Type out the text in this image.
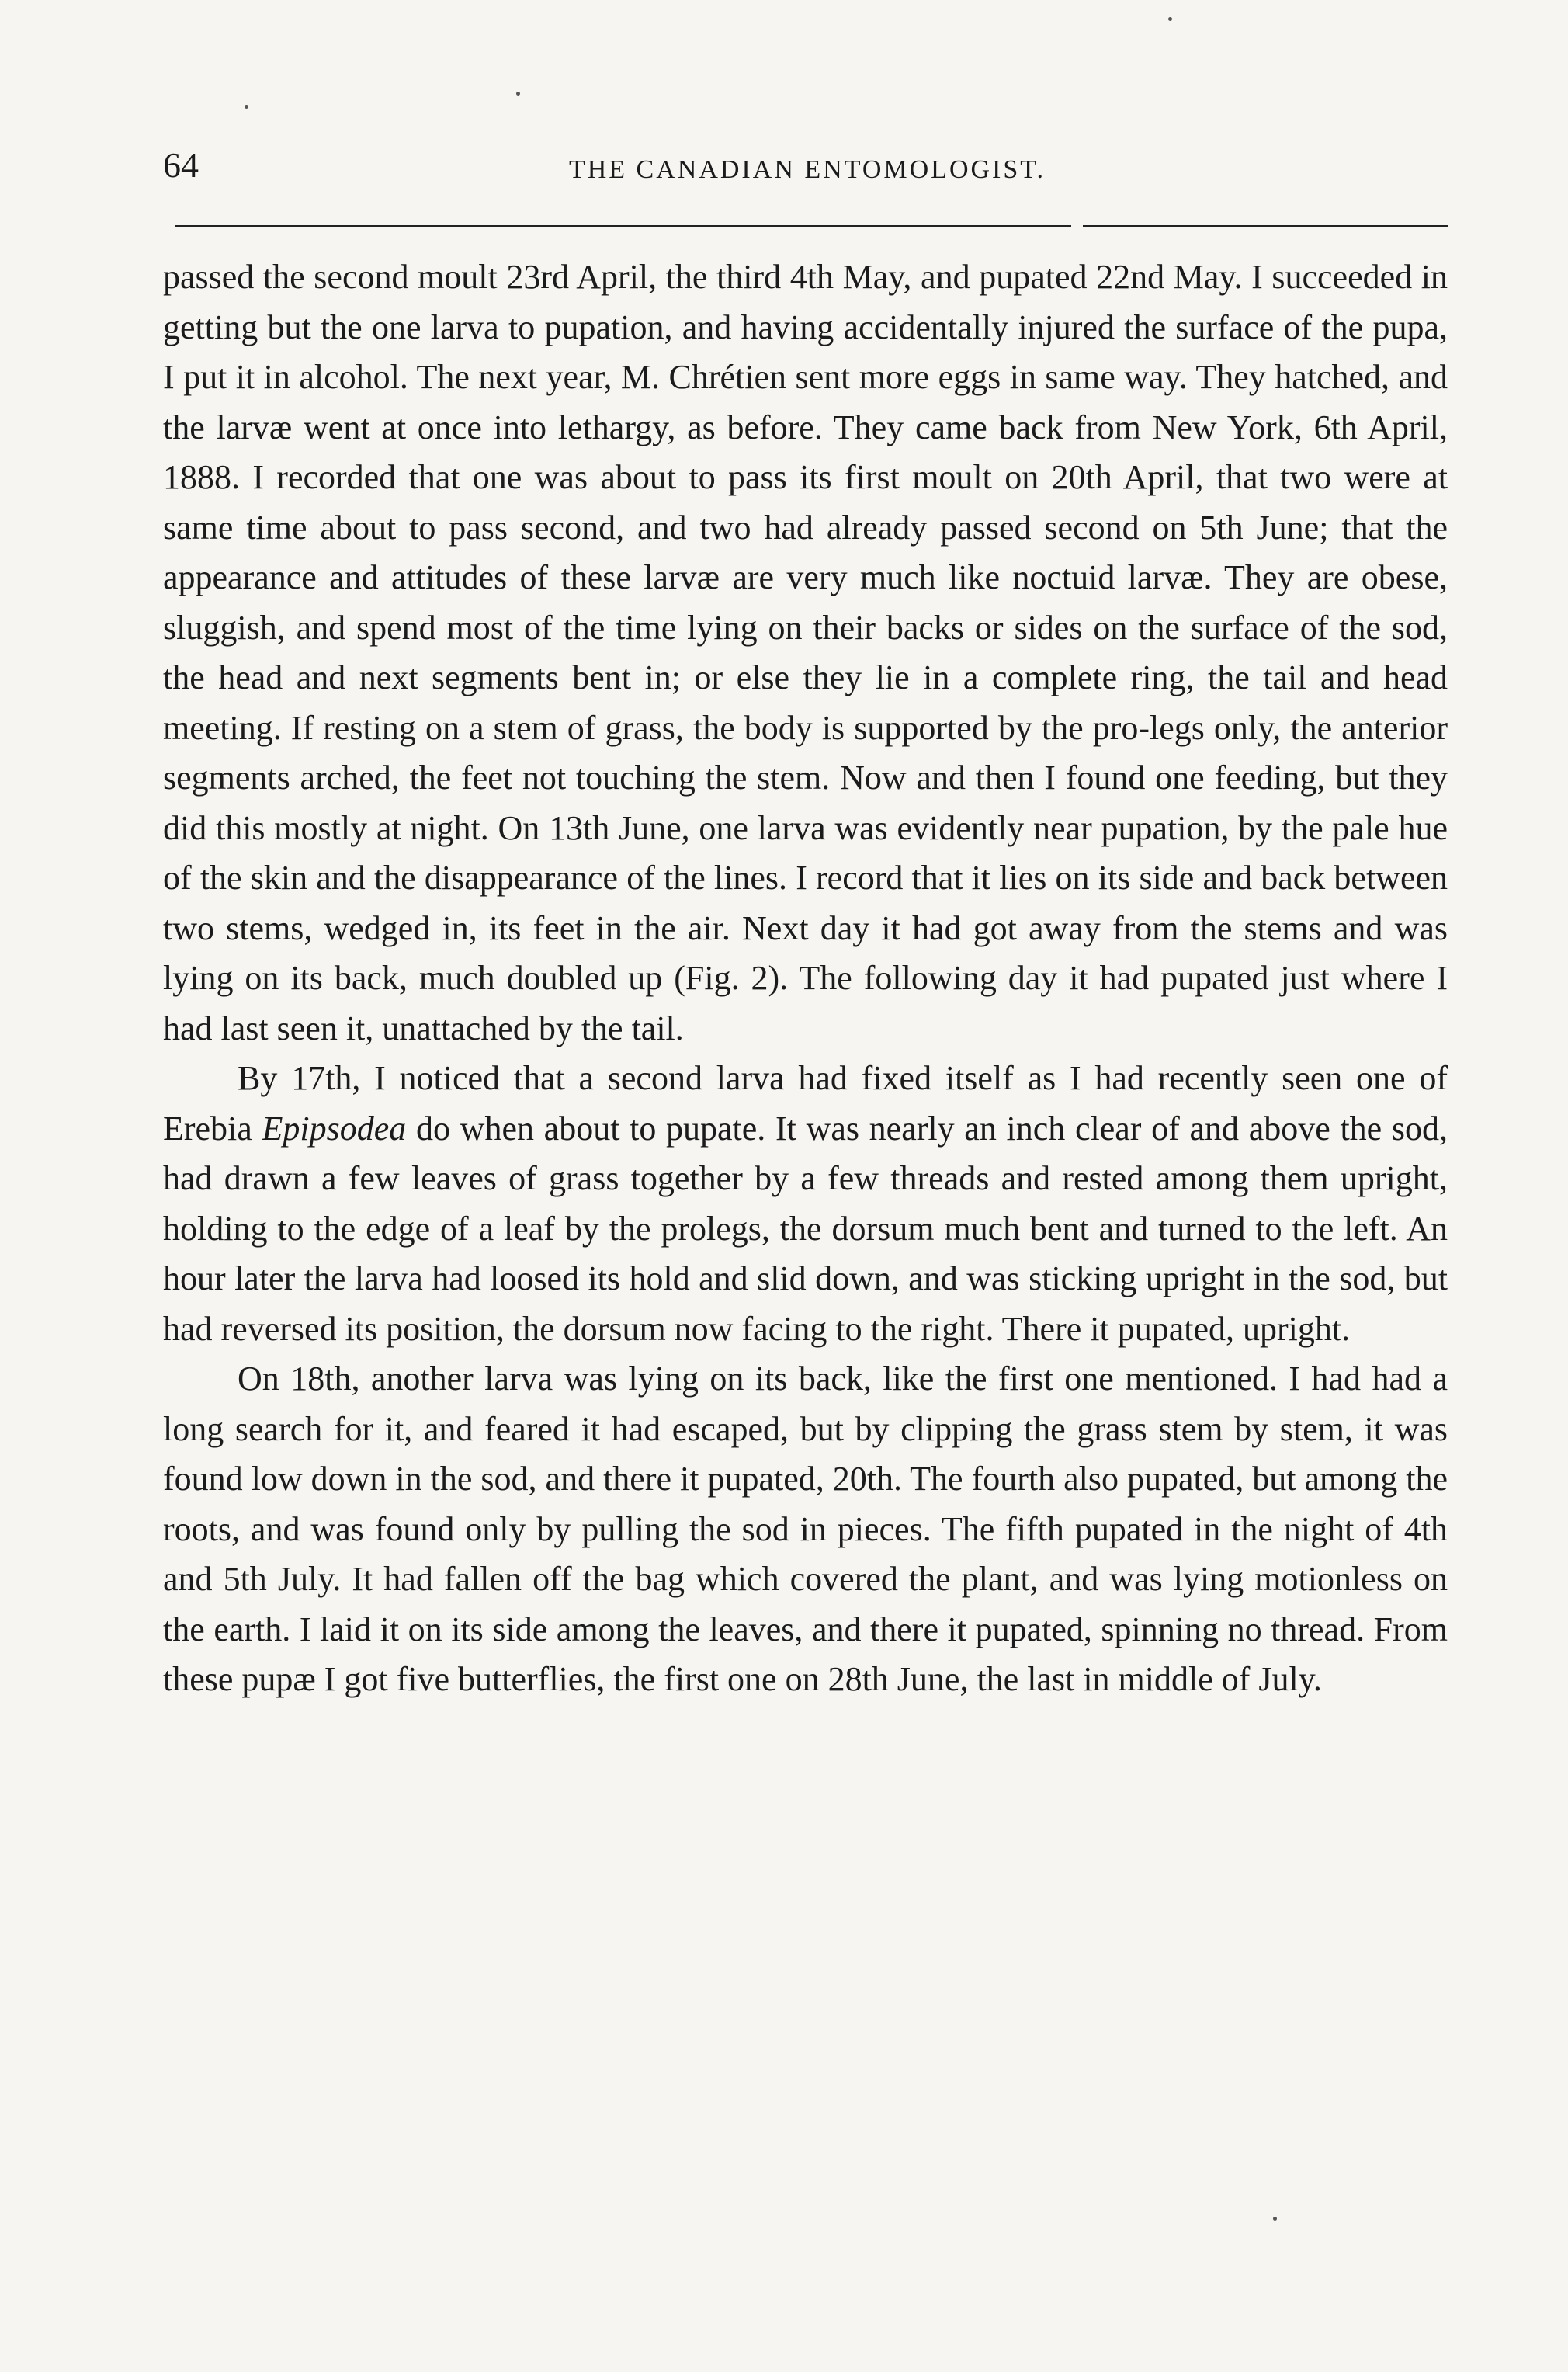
64	THE CANADIAN ENTOMOLOGIST.

passed the second moult 23rd April, the third 4th May, and pupated 22nd May. I succeeded in getting but the one larva to pupation, and having accidentally injured the surface of the pupa, I put it in alcohol. The next year, M. Chrétien sent more eggs in same way. They hatched, and the larvæ went at once into lethargy, as before. They came back from New York, 6th April, 1888. I recorded that one was about to pass its first moult on 20th April, that two were at same time about to pass second, and two had already passed second on 5th June; that the appearance and attitudes of these larvæ are very much like noctuid larvæ. They are obese, sluggish, and spend most of the time lying on their backs or sides on the surface of the sod, the head and next segments bent in; or else they lie in a complete ring, the tail and head meeting. If resting on a stem of grass, the body is supported by the pro-legs only, the anterior segments arched, the feet not touching the stem. Now and then I found one feeding, but they did this mostly at night. On 13th June, one larva was evidently near pupation, by the pale hue of the skin and the disappearance of the lines. I record that it lies on its side and back between two stems, wedged in, its feet in the air. Next day it had got away from the stems and was lying on its back, much doubled up (Fig. 2). The following day it had pupated just where I had last seen it, unattached by the tail.

By 17th, I noticed that a second larva had fixed itself as I had recently seen one of Erebia Epipsodea do when about to pupate. It was nearly an inch clear of and above the sod, had drawn a few leaves of grass together by a few threads and rested among them upright, holding to the edge of a leaf by the prolegs, the dorsum much bent and turned to the left. An hour later the larva had loosed its hold and slid down, and was sticking upright in the sod, but had reversed its position, the dorsum now facing to the right. There it pupated, upright.

On 18th, another larva was lying on its back, like the first one mentioned. I had had a long search for it, and feared it had escaped, but by clipping the grass stem by stem, it was found low down in the sod, and there it pupated, 20th. The fourth also pupated, but among the roots, and was found only by pulling the sod in pieces. The fifth pupated in the night of 4th and 5th July. It had fallen off the bag which covered the plant, and was lying motionless on the earth. I laid it on its side among the leaves, and there it pupated, spinning no thread. From these pupæ I got five butterflies, the first one on 28th June, the last in middle of July.
